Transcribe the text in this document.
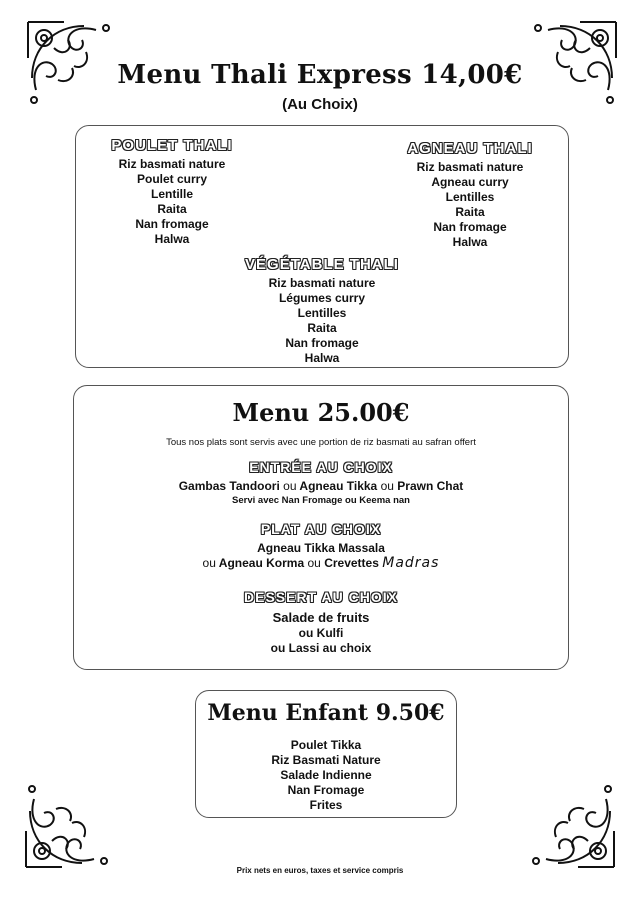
Menu Thali Express 14,00€
(Au Choix)
POULET THALI
Riz basmati nature
Poulet curry
Lentille
Raita
Nan fromage
Halwa
AGNEAU THALI
Riz basmati nature
Agneau curry
Lentilles
Raita
Nan fromage
Halwa
VÉGÉTABLE THALI
Riz basmati nature
Légumes curry
Lentilles
Raita
Nan fromage
Halwa
Menu 25.00€
Tous nos plats sont servis avec une portion de riz basmati au safran offert
ENTRÉE AU CHOIX
Gambas Tandoori ou Agneau Tikka ou Prawn Chat
Servi avec Nan Fromage ou Keema nan
PLAT AU CHOIX
Agneau Tikka Massala
ou Agneau Korma ou Crevettes Madras
DESSERT AU CHOIX
Salade de fruits
ou Kulfi
ou Lassi au choix
Menu Enfant 9.50€
Poulet Tikka
Riz Basmati Nature
Salade Indienne
Nan Fromage
Frites
Prix nets en euros, taxes et service compris
